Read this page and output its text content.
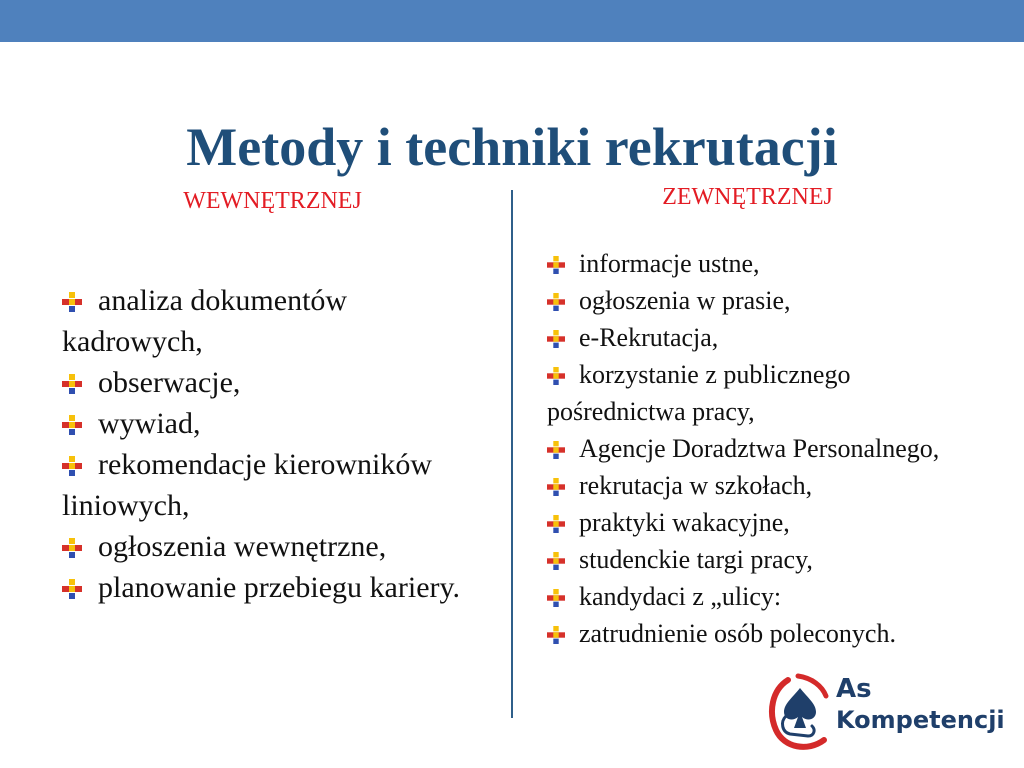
Metody i techniki rekrutacji
WEWNĘTRZNEJ	ZEWNĘTRZNEJ
analiza dokumentów kadrowych,
obserwacje,
wywiad,
rekomendacje kierowników liniowych,
ogłoszenia wewnętrzne,
planowanie przebiegu kariery.
informacje ustne,
ogłoszenia w prasie,
e-Rekrutacja,
korzystanie z publicznego pośrednictwa pracy,
Agencje Doradztwa Personalnego,
rekrutacja w szkołach,
praktyki wakacyjne,
studenckie targi pracy,
kandydaci z „ulicy:
zatrudnienie osób poleconych.
As
Kompetencji
